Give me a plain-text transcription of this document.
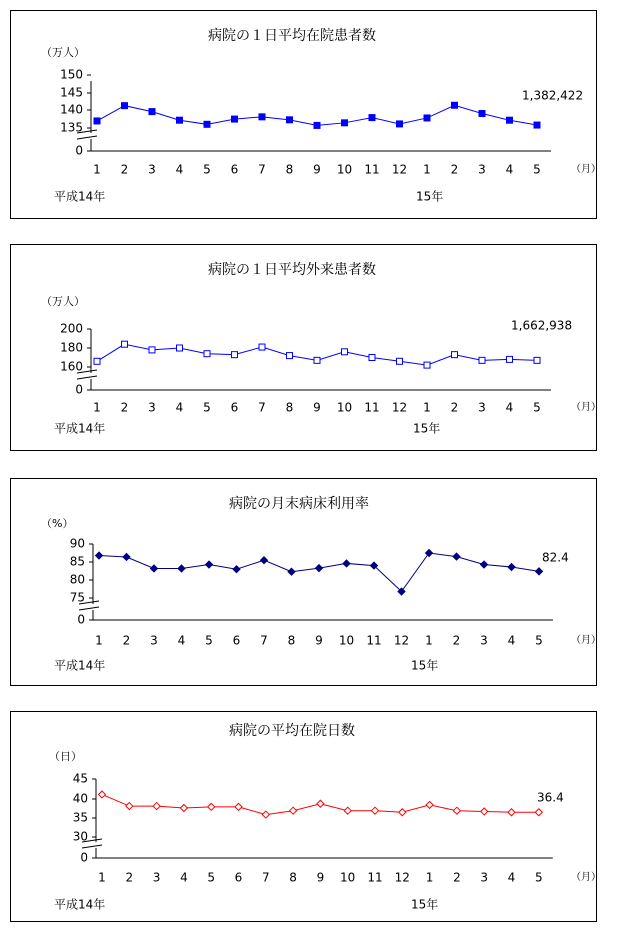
病院の１日平均在院患者数
（万人）
150
145
140
135
0
1 2 3 4 5 6 7 8 9 10 11 12 1 2 3 4 5	（月）
平成14年	15年
1,382,422
病院の１日平均外来患者数
（万人）
200
180
160
0
1 2 3 4 5 6 7 8 9 10 11 12 1 2 3 4 5	（月）
平成14年	15年
1,662,938
病院の月末病床利用率
（%）
90
85
80
75
0
1 2 3 4 5 6 7 8 9 10 11 12 1 2 3 4 5	（月）
平成14年	15年
82.4
病院の平均在院日数
（日）
45
40
35
30
0
1 2 3 4 5 6 7 8 9 10 11 12 1 2 3 4 5	（月）
平成14年	15年
36.4
